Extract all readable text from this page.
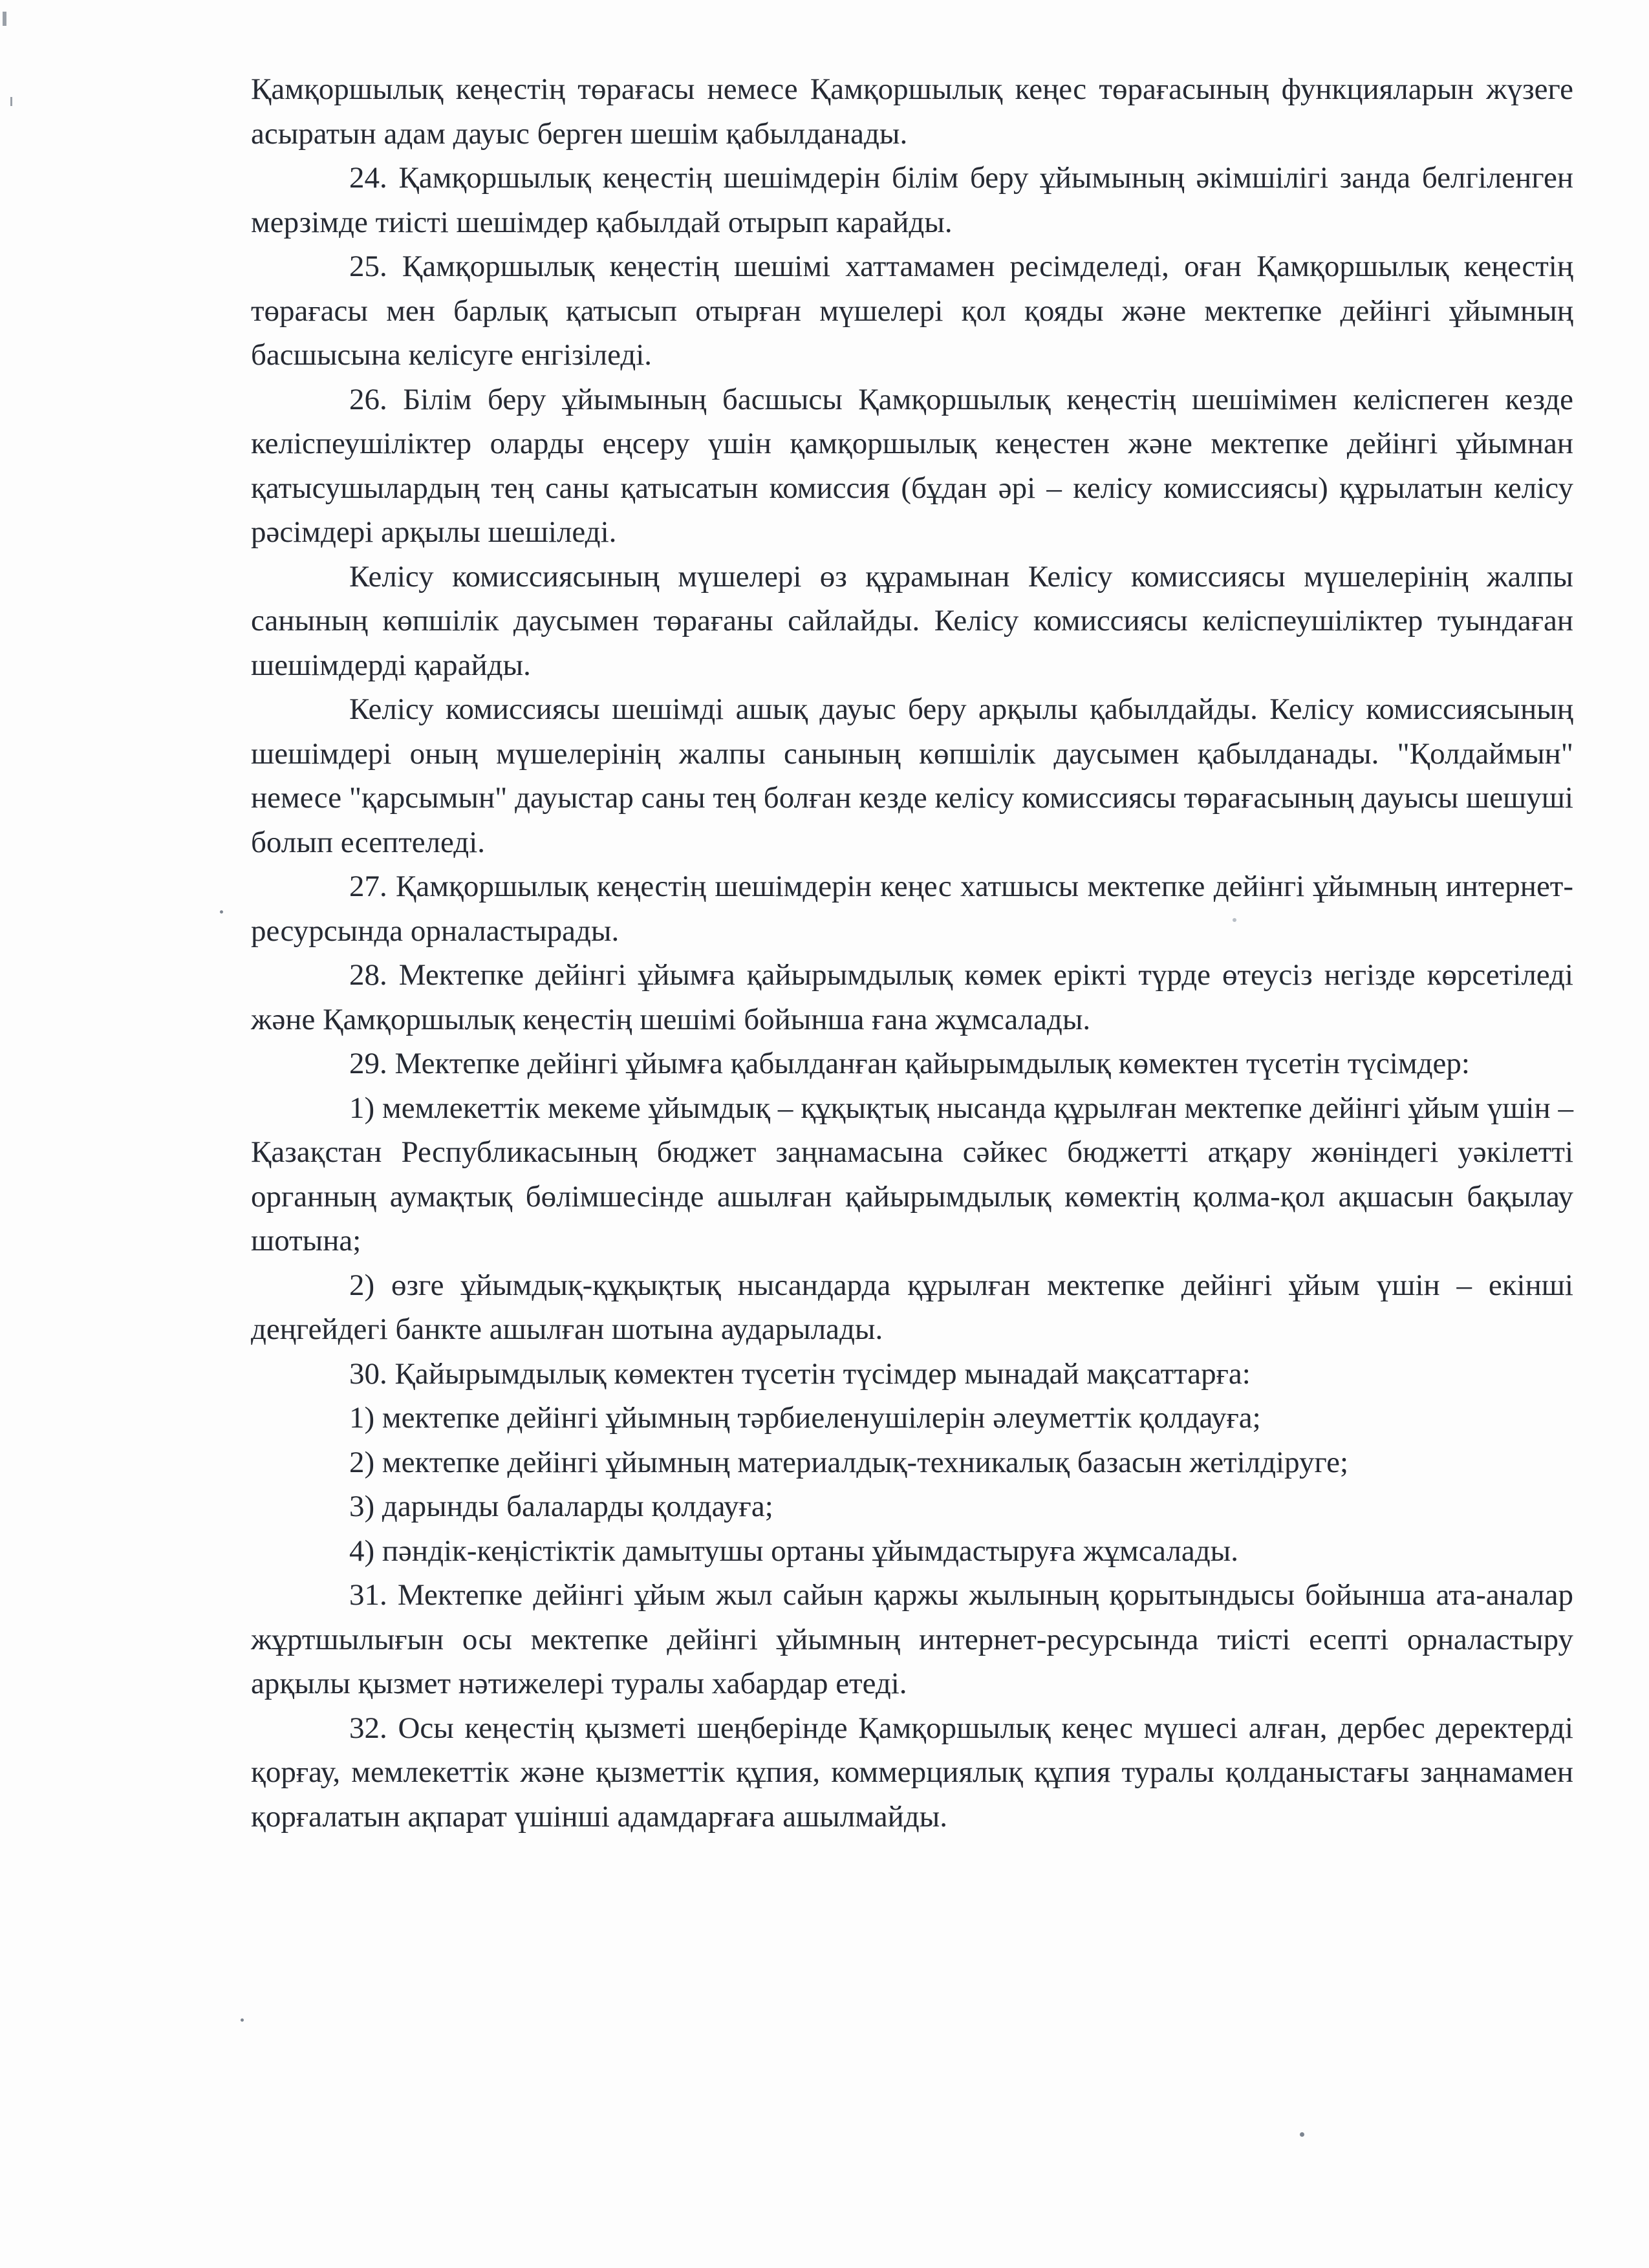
Қамқоршылық кеңестің төрағасы немесе Қамқоршылық кеңес төрағасының функцияларын жүзеге асыратын адам дауыс берген шешім қабылданады.

24. Қамқоршылық кеңестің шешімдерін білім беру ұйымының әкімшілігі занда белгіленген мерзімде тиісті шешімдер қабылдай отырып карайды.

25. Қамқоршылық кеңестің шешімі хаттамамен ресімделеді, оған Қамқоршылық кеңестің төрағасы мен барлық қатысып отырған мүшелері қол қояды және мектепке дейінгі ұйымның басшысына келісуге енгізіледі.

26. Білім беру ұйымының басшысы Қамқоршылық кеңестің шешімімен келіспеген кезде келіспеушіліктер оларды еңсеру үшін қамқоршылық кеңестен және мектепке дейінгі ұйымнан қатысушылардың тең саны қатысатын комиссия (бұдан әрі – келісу комиссиясы) құрылатын келісу рәсімдері арқылы шешіледі.

Келісу комиссиясының мүшелері өз құрамынан Келісу комиссиясы мүшелерінің жалпы санының көпшілік даусымен төрағаны сайлайды. Келісу комиссиясы келіспеушіліктер туындаған шешімдерді қарайды.

Келісу комиссиясы шешімді ашық дауыс беру арқылы қабылдайды. Келісу комиссиясының шешімдері оның мүшелерінің жалпы санының көпшілік даусымен қабылданады. "Қолдаймын" немесе "қарсымын" дауыстар саны тең болған кезде келісу комиссиясы төрағасының дауысы шешуші болып есептеледі.

27. Қамқоршылық кеңестің шешімдерін кеңес хатшысы мектепке дейінгі ұйымның интернет-ресурсында орналастырады.

28. Мектепке дейінгі ұйымға қайырымдылық көмек ерікті түрде өтеусіз негізде көрсетіледі және Қамқоршылық кеңестің шешімі бойынша ғана жұмсалады.

29. Мектепке дейінгі ұйымға қабылданған қайырымдылық көмектен түсетін түсімдер:

1) мемлекеттік мекеме ұйымдық – құқықтық нысанда құрылған мектепке дейінгі ұйым үшін – Қазақстан Республикасының бюджет заңнамасына сәйкес бюджетті атқару жөніндегі уәкілетті органның аумақтық бөлімшесінде ашылған қайырымдылық көмектің қолма-қол ақшасын бақылау шотына;

2) өзге ұйымдық-құқықтық нысандарда құрылған мектепке дейінгі ұйым үшін – екінші деңгейдегі банкте ашылған шотына аударылады.

30. Қайырымдылық көмектен түсетін түсімдер мынадай мақсаттарға:

1) мектепке дейінгі ұйымның тәрбиеленушілерін әлеуметтік қолдауға;

2) мектепке дейінгі ұйымның материалдық-техникалық базасын жетілдіруге;

3) дарынды балаларды қолдауға;

4) пәндік-кеңістіктік дамытушы ортаны ұйымдастыруға жұмсалады.

31. Мектепке дейінгі ұйым жыл сайын қаржы жылының қорытындысы бойынша ата-аналар жұртшылығын осы мектепке дейінгі ұйымның интернет-ресурсында тиісті есепті орналастыру арқылы қызмет нәтижелері туралы хабардар етеді.

32. Осы кеңестің қызметі шеңберінде Қамқоршылық кеңес мүшесі алған, дербес деректерді қорғау, мемлекеттік және қызметтік құпия, коммерциялық құпия туралы қолданыстағы заңнамамен қорғалатын ақпарат үшінші адамдарғаға ашылмайды.
